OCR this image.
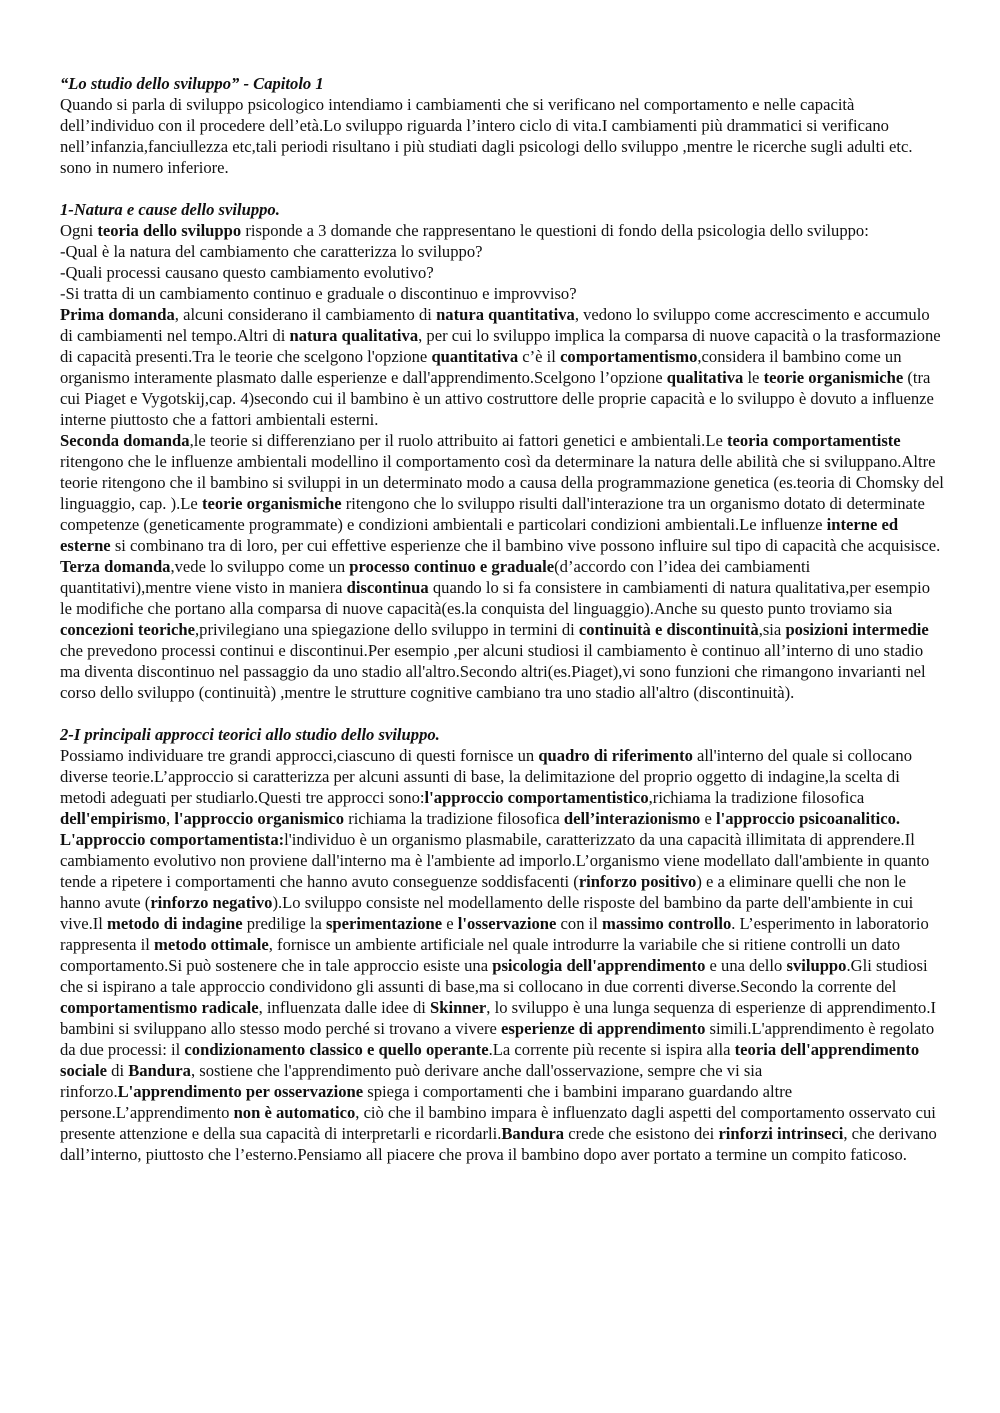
“Lo studio dello sviluppo” - Capitolo 1

Quando si parla di sviluppo psicologico intendiamo i cambiamenti che si verificano nel comportamento e nelle capacità dell’individuo con il procedere dell’età.Lo sviluppo riguarda l’intero ciclo di vita.I cambiamenti più drammatici si verificano nell’infanzia,fanciullezza etc,tali periodi risultano i più studiati dagli psicologi dello sviluppo ,mentre le ricerche sugli adulti etc. sono in numero inferiore.

1-Natura e cause dello sviluppo.

Ogni teoria dello sviluppo risponde a 3 domande che rappresentano le questioni di fondo della psicologia dello sviluppo:

-Qual è la natura del cambiamento che caratterizza lo sviluppo?

-Quali processi causano questo cambiamento evolutivo?

-Si tratta di un cambiamento continuo e graduale o discontinuo e improvviso?

Prima domanda, alcuni considerano il cambiamento di natura quantitativa, vedono lo sviluppo come accrescimento e accumulo di cambiamenti nel tempo.Altri di natura qualitativa, per cui lo sviluppo implica la comparsa di nuove capacità o la trasformazione di capacità presenti.Tra le teorie che scelgono l'opzione quantitativa c’è il comportamentismo,considera il bambino come un organismo interamente plasmato dalle esperienze e dall'apprendimento.Scelgono l’opzione qualitativa le teorie organismiche (tra cui Piaget e Vygotskij,cap. 4)secondo cui il bambino è un attivo costruttore delle proprie capacità e lo sviluppo è dovuto a influenze interne piuttosto che a fattori ambientali esterni.

Seconda domanda,le teorie si differenziano per il ruolo attribuito ai fattori genetici e ambientali.Le teoria comportamentiste ritengono che le influenze ambientali modellino il comportamento così da determinare la natura delle abilità che si sviluppano.Altre teorie ritengono che il bambino si sviluppi in un determinato modo a causa della programmazione genetica (es.teoria di Chomsky del linguaggio, cap. ).Le teorie organismiche ritengono che lo sviluppo risulti dall'interazione tra un organismo dotato di determinate competenze (geneticamente programmate) e condizioni ambientali e particolari condizioni ambientali.Le influenze interne ed esterne si combinano tra di loro, per cui effettive esperienze che il bambino vive possono influire sul tipo di capacità che acquisisce.

Terza domanda,vede lo sviluppo come un processo continuo e graduale(d’accordo con l’idea dei cambiamenti quantitativi),mentre viene visto in maniera discontinua quando lo si fa consistere in cambiamenti di natura qualitativa,per esempio le modifiche che portano alla comparsa di nuove capacità(es.la conquista del linguaggio).Anche su questo punto troviamo sia concezioni teoriche,privilegiano una spiegazione dello sviluppo in termini di continuità e discontinuità,sia posizioni intermedie che prevedono processi continui e discontinui.Per esempio ,per alcuni studiosi il cambiamento è continuo all’interno di uno stadio ma diventa discontinuo nel passaggio da uno stadio all'altro.Secondo altri(es.Piaget),vi sono funzioni che rimangono invarianti nel corso dello sviluppo (continuità) ,mentre le strutture cognitive cambiano tra uno stadio all'altro (discontinuità).

2-I principali approcci teorici allo studio dello sviluppo.

Possiamo individuare tre grandi approcci,ciascuno di questi fornisce un quadro di riferimento all'interno del quale si collocano diverse teorie.L’approccio si caratterizza per alcuni assunti di base, la delimitazione del proprio oggetto di indagine,la scelta di metodi adeguati per studiarlo.Questi tre approcci sono:l'approccio comportamentistico,richiama la tradizione filosofica dell'empirismo, l'approccio organismico richiama la tradizione filosofica dell’interazionismo e l'approccio psicoanalitico.

L'approccio comportamentista:l'individuo è un organismo plasmabile, caratterizzato da una capacità illimitata di apprendere.Il cambiamento evolutivo non proviene dall'interno ma è l'ambiente ad imporlo.L’organismo viene modellato dall'ambiente in quanto tende a ripetere i comportamenti che hanno avuto conseguenze soddisfacenti (rinforzo positivo) e a eliminare quelli che non le hanno avute (rinforzo negativo).Lo sviluppo consiste nel modellamento delle risposte del bambino da parte dell'ambiente in cui vive.Il metodo di indagine predilige la sperimentazione e l'osservazione con il massimo controllo. L’esperimento in laboratorio rappresenta il metodo ottimale, fornisce un ambiente artificiale nel quale introdurre la variabile che si ritiene controlli un dato comportamento.Si può sostenere che in tale approccio esiste una psicologia dell'apprendimento e una dello sviluppo.Gli studiosi che si ispirano a tale approccio condividono gli assunti di base,ma si collocano in due correnti diverse.Secondo la corrente del comportamentismo radicale, influenzata dalle idee di Skinner, lo sviluppo è una lunga sequenza di esperienze di apprendimento.I bambini si sviluppano allo stesso modo perché si trovano a vivere esperienze di apprendimento simili.L'apprendimento è regolato da due processi: il condizionamento classico e quello operante.La corrente più recente si ispira alla teoria dell'apprendimento sociale di Bandura, sostiene che l'apprendimento può derivare anche dall'osservazione, sempre che vi sia rinforzo.L'apprendimento per osservazione spiega i comportamenti che i bambini imparano guardando altre persone.L’apprendimento non è automatico, ciò che il bambino impara è influenzato dagli aspetti del comportamento osservato cui presente attenzione e della sua capacità di interpretarli e ricordarli.Bandura crede che esistono dei rinforzi intrinseci, che derivano dall’interno, piuttosto che l’esterno.Pensiamo all piacere che prova il bambino dopo aver portato a termine un compito faticoso.
